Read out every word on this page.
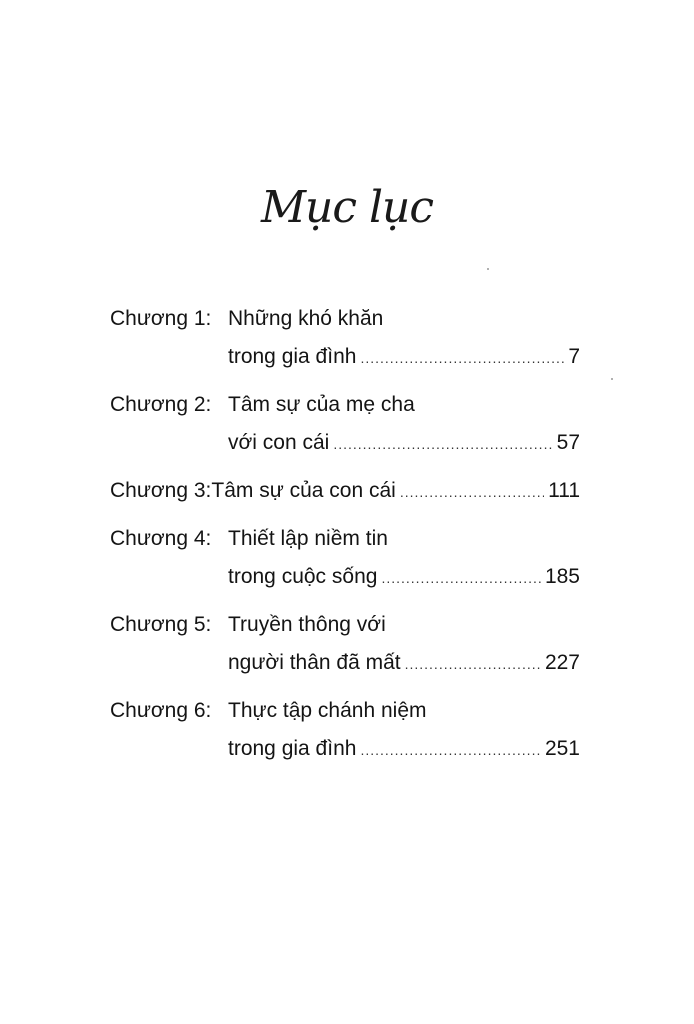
Mục lục
Chương 1: Những khó khăn
trong gia đình .....	7
Chương 2: Tâm sự của mẹ cha
với con cái .....	57
Chương 3: Tâm sự của con cái .....	111
Chương 4: Thiết lập niềm tin
trong cuộc sống .....	185
Chương 5: Truyền thông với
người thân đã mất .....	227
Chương 6: Thực tập chánh niệm
trong gia đình .....	251
